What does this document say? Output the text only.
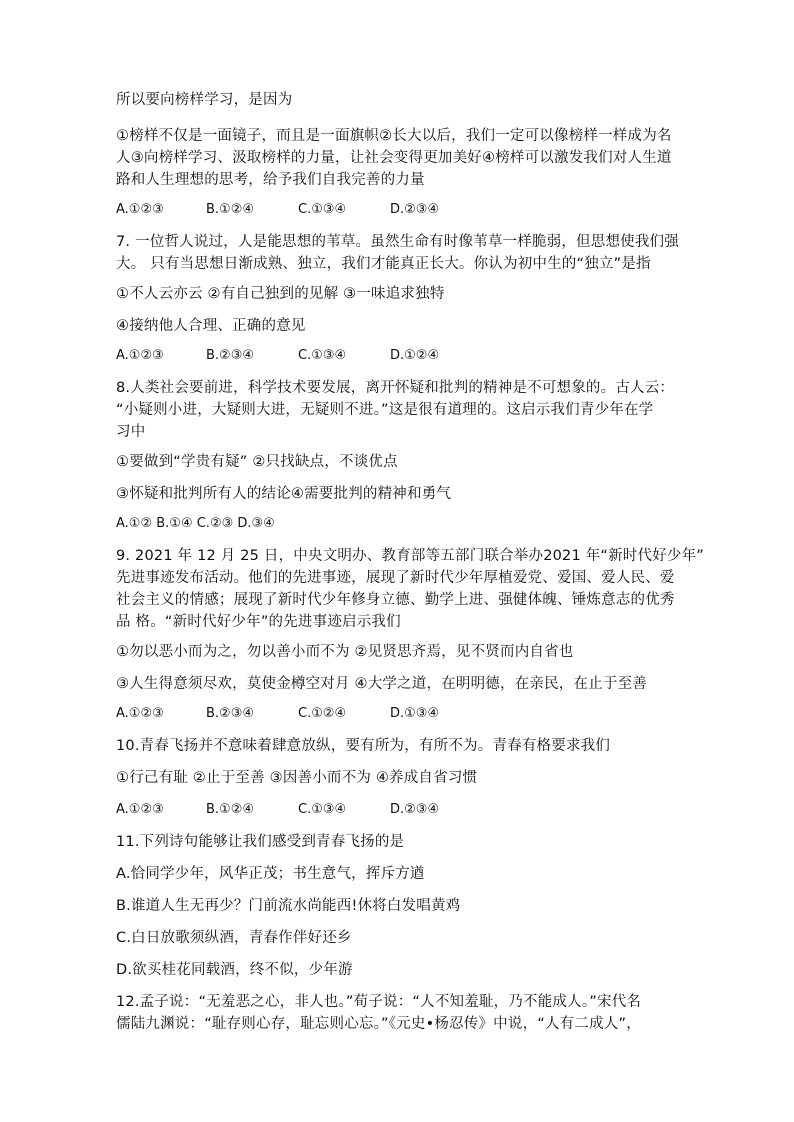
所以要向榜样学习，是因为
①榜样不仅是一面镜子，而且是一面旗帜②长大以后，我们一定可以像榜样一样成为名
人③向榜样学习、汲取榜样的力量，让社会变得更加美好④榜样可以激发我们对人生道
路和人生理想的思考，给予我们自我完善的力量
A.①②③	B.①②④	C.①③④	D.②③④
7. 一位哲人说过，人是能思想的苇草。虽然生命有时像苇草一样脆弱，但思想使我们强
大。 只有当思想日渐成熟、独立，我们才能真正长大。你认为初中生的“独立”是指
①不人云亦云 ②有自己独到的见解 ③一味追求独特
④接纳他人合理、正确的意见
A.①②③	B.②③④	C.①③④	D.①②④
8.人类社会要前进，科学技术要发展，离开怀疑和批判的精神是不可想象的。古人云：
“小疑则小进，大疑则大进，无疑则不进。”这是很有道理的。这启示我们青少年在学
习中
①要做到“学贵有疑” ②只找缺点，不谈优点
③怀疑和批判所有人的结论④需要批判的精神和勇气
A.①② B.①④ C.②③ D.③④
9. 2021 年 12 月 25 日，中央文明办、教育部等五部门联合举办2021 年“新时代好少年”
先进事迹发布活动。他们的先进事迹，展现了新时代少年厚植爱党、爱国、爱人民、爱
社会主义的情感；展现了新时代少年修身立德、勤学上进、强健体魄、锤炼意志的优秀
品 格。“新时代好少年”的先进事迹启示我们
①勿以恶小而为之，勿以善小而不为 ②见贤思齐焉，见不贤而内自省也
③人生得意须尽欢，莫使金樽空对月 ④大学之道，在明明德，在亲民，在止于至善
A.①②③	B.②③④	C.①②④	D.①③④
10.青春飞扬并不意味着肆意放纵，要有所为，有所不为。青春有格要求我们
①行己有耻 ②止于至善 ③因善小而不为 ④养成自省习惯
A.①②③	B.①②④	C.①③④	D.②③④
11.下列诗句能够让我们感受到青春飞扬的是
A.恰同学少年，风华正茂；书生意气，挥斥方遒
B.谁道人生无再少？门前流水尚能西!休将白发唱黄鸡
C.白日放歌须纵酒，青春作伴好还乡
D.欲买桂花同载酒，终不似，少年游
12.孟子说：“无羞恶之心，非人也。”荀子说：“人不知羞耻，乃不能成人。”宋代名
儒陆九渊说：“耻存则心存，耻忘则心忘。”《元史•杨忍传》中说，“人有二成人”，
